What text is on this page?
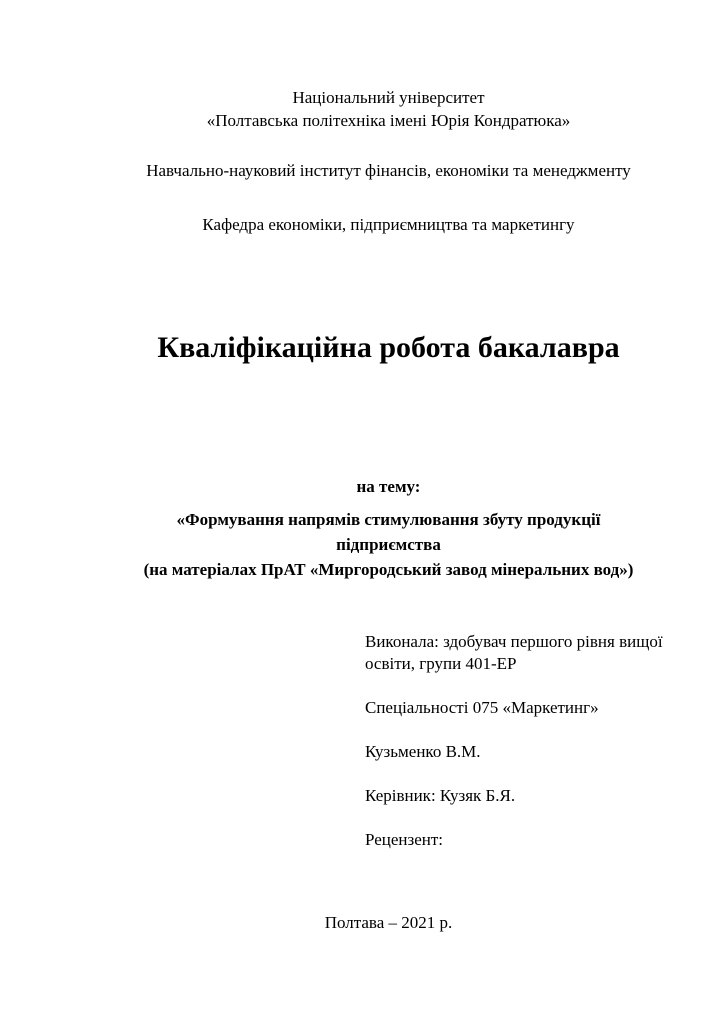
Національний університет
«Полтавська політехніка імені Юрія Кондратюка»
Навчально-науковий інститут фінансів, економіки та менеджменту
Кафедра економіки, підприємництва та маркетингу
Кваліфікаційна робота бакалавра
на тему:
«Формування напрямів стимулювання збуту продукції
підприємства
(на матеріалах ПрАТ «Миргородський завод мінеральних вод»)

Виконала: здобувач першого рівня вищої
освіти, групи 401-ЕР

Спеціальності 075 «Маркетинг»

Кузьменко В.М.

Керівник: Кузяк Б.Я.

Рецензент:

Полтава – 2021 р.
